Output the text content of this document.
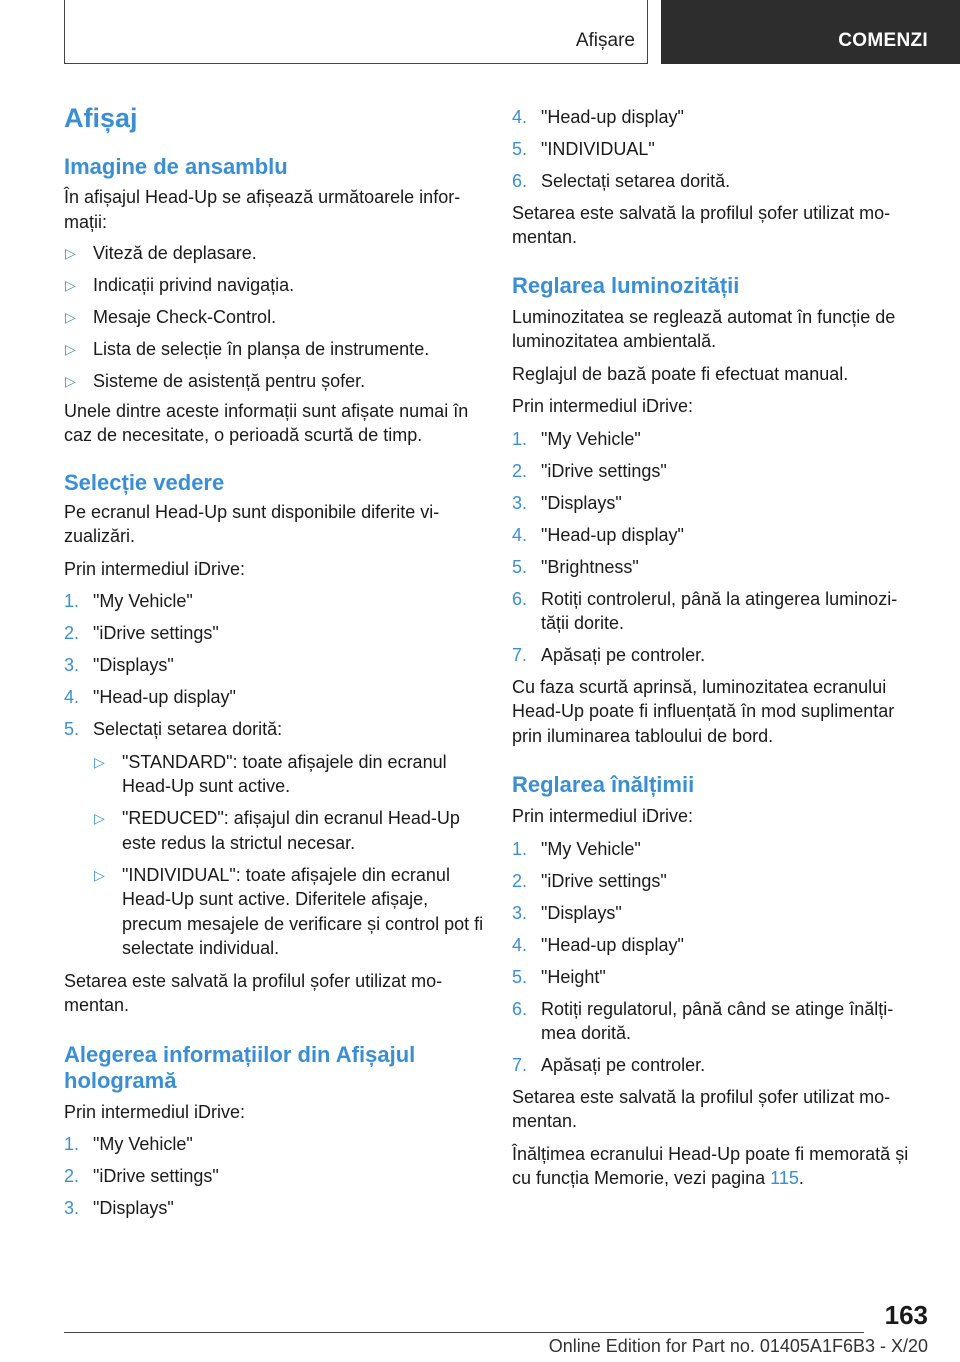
Afișare	COMENZI
Afișaj
Imagine de ansamblu

În afișajul Head-Up se afișează următoarele infor-mații:

▷ Viteză de deplasare.
▷ Indicații privind navigația.
▷ Mesaje Check-Control.
▷ Lista de selecție în planșa de instrumente.
▷ Sisteme de asistență pentru șofer.

Unele dintre aceste informații sunt afișate numai în caz de necesitate, o perioadă scurtă de timp.

Selecție vedere

Pe ecranul Head-Up sunt disponibile diferite vi-zualizări.

Prin intermediul iDrive:

1. "My Vehicle"
2. "iDrive settings"
3. "Displays"
4. "Head-up display"
5. Selectați setarea dorită:
▷ "STANDARD": toate afișajele din ecranul Head-Up sunt active.
▷ "REDUCED": afișajul din ecranul Head-Up este redus la strictul necesar.
▷ "INDIVIDUAL": toate afișajele din ecranul Head-Up sunt active. Diferitele afișaje, precum mesajele de verificare și control pot fi selectate individual.

Setarea este salvată la profilul șofer utilizat mo-mentan.

Alegerea informațiilor din Afișajul hologramă

Prin intermediul iDrive:

1. "My Vehicle"
2. "iDrive settings"
3. "Displays"
4. "Head-up display"
5. "INDIVIDUAL"
6. Selectați setarea dorită.

Setarea este salvată la profilul șofer utilizat mo-mentan.

Reglarea luminozității

Luminozitatea se reglează automat în funcție de luminozitatea ambientală.

Reglajul de bază poate fi efectuat manual.

Prin intermediul iDrive:

1. "My Vehicle"
2. "iDrive settings"
3. "Displays"
4. "Head-up display"
5. "Brightness"
6. Rotiți controlerul, până la atingerea luminozi-tății dorite.
7. Apăsați pe controler.

Cu faza scurtă aprinsă, luminozitatea ecranului Head-Up poate fi influențată în mod suplimentar prin iluminarea tabloului de bord.

Reglarea înălțimii

Prin intermediul iDrive:

1. "My Vehicle"
2. "iDrive settings"
3. "Displays"
4. "Head-up display"
5. "Height"
6. Rotiți regulatorul, până când se atinge înălți-mea dorită.
7. Apăsați pe controler.

Setarea este salvată la profilul șofer utilizat mo-mentan.

Înălțimea ecranului Head-Up poate fi memorată și cu funcția Memorie, vezi pagina 115.

163
Online Edition for Part no. 01405A1F6B3 - X/20
